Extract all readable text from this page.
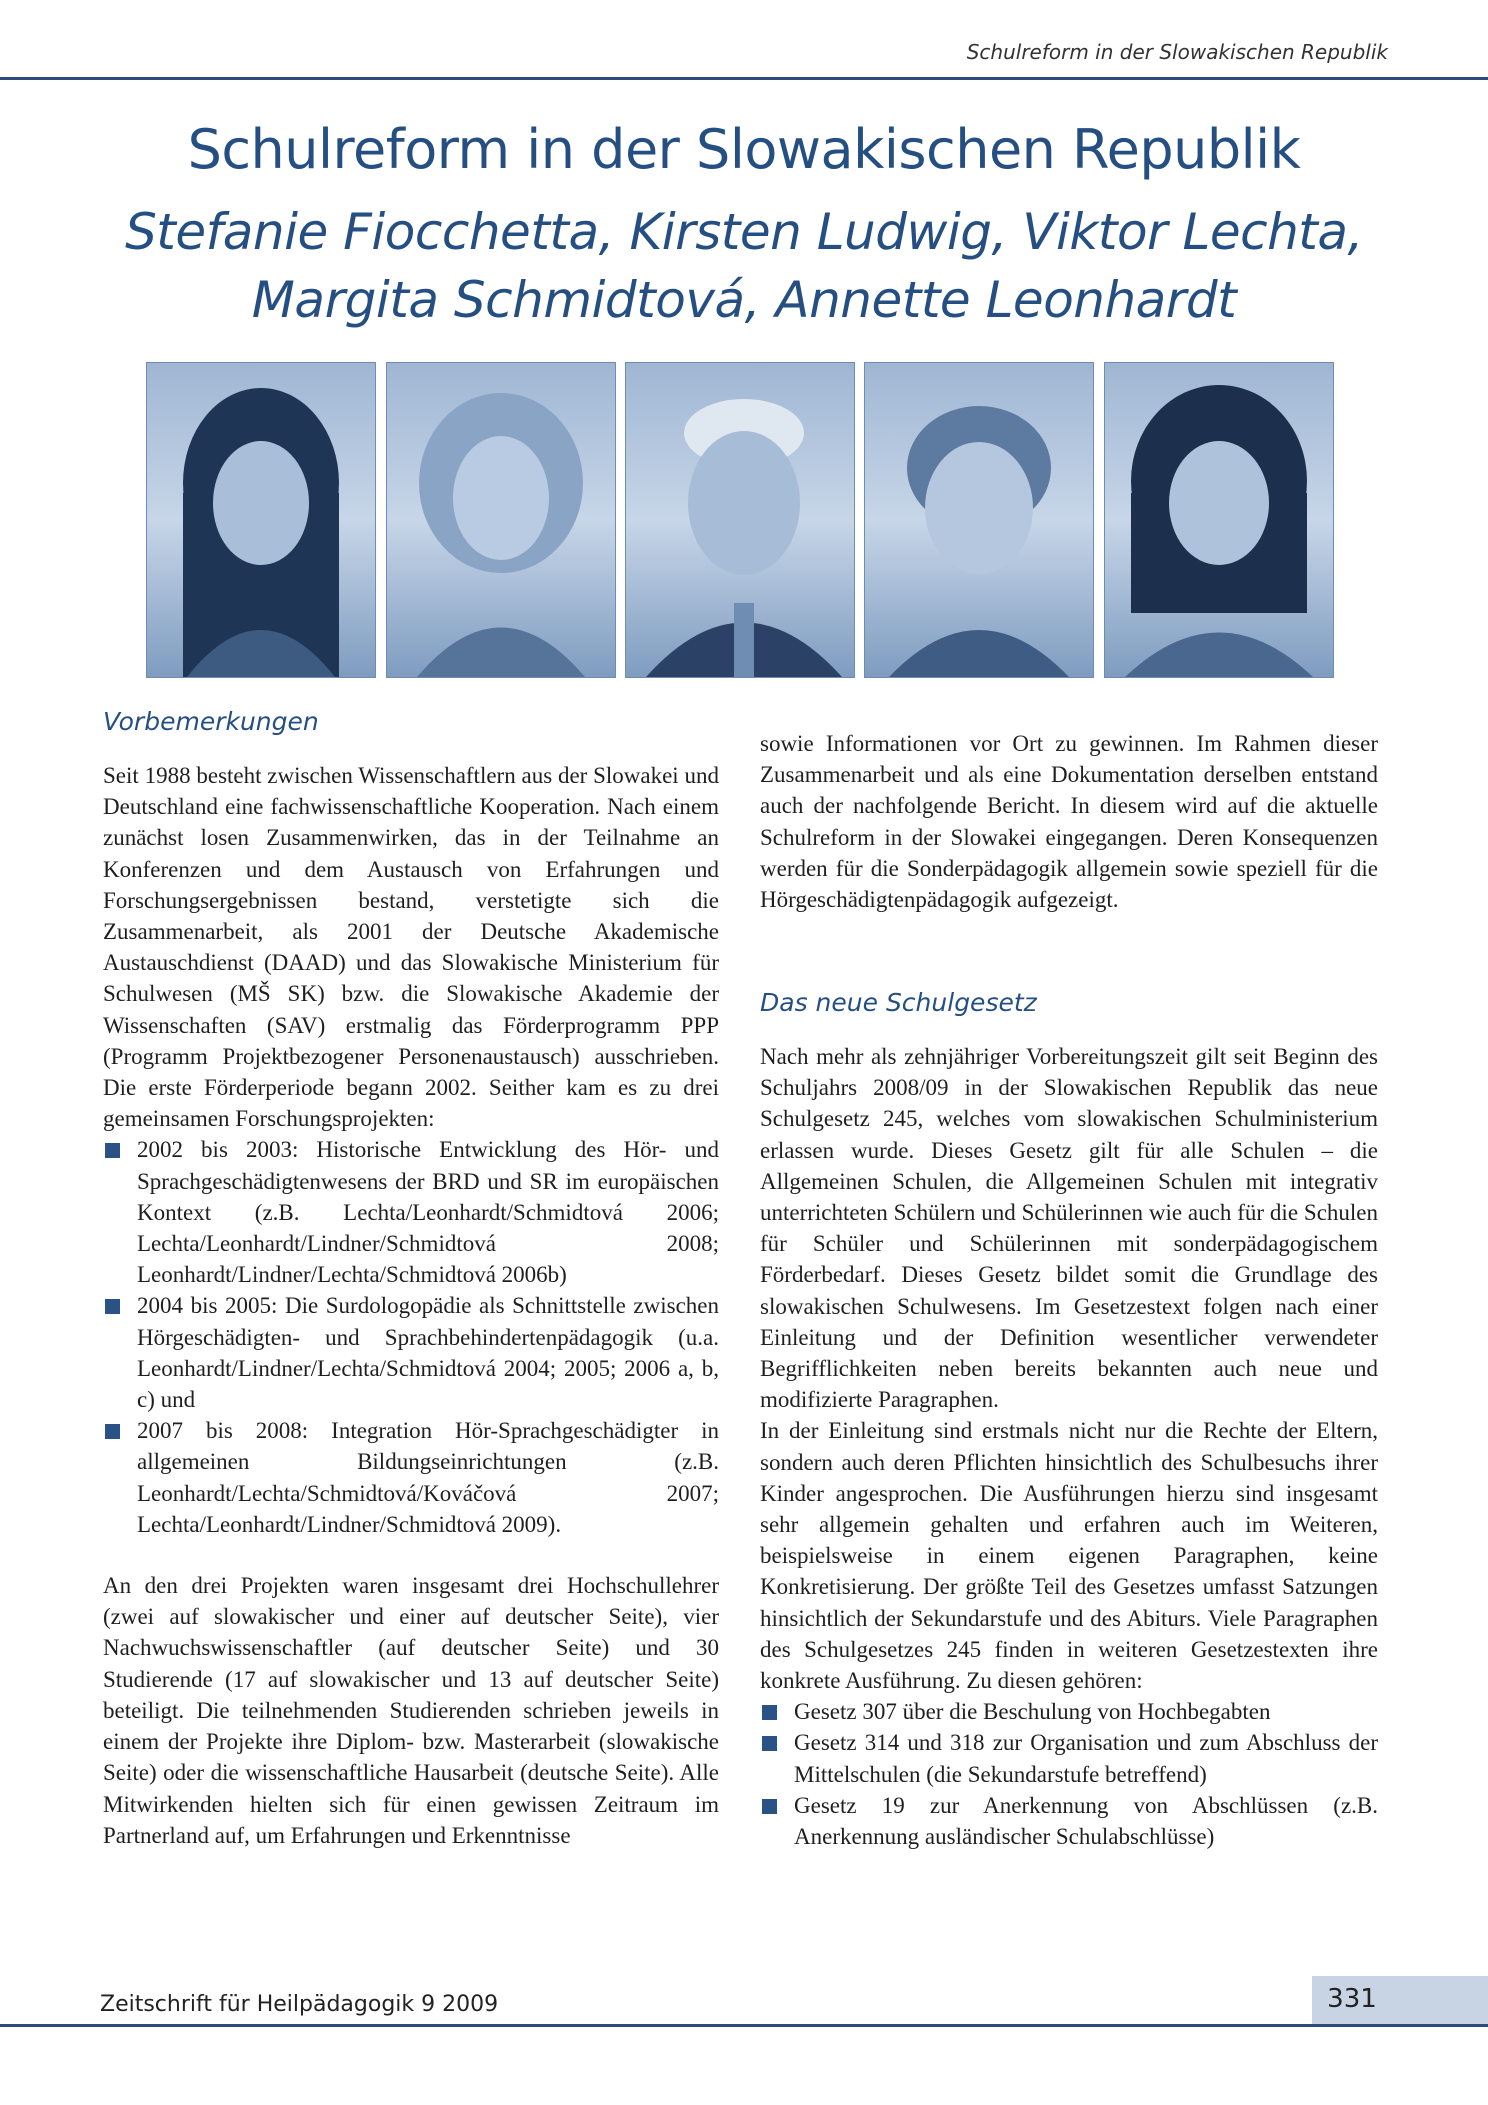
Schulreform in der Slowakischen Republik
Schulreform in der Slowakischen Republik
Stefanie Fiocchetta, Kirsten Ludwig, Viktor Lechta,
Margita Schmidtová, Annette Leonhardt
Vorbemerkungen

Seit 1988 besteht zwischen Wissenschaftlern aus der Slowakei und Deutschland eine fachwissenschaftliche Kooperation. Nach einem zunächst losen Zusammenwirken, das in der Teilnahme an Konferenzen und dem Austausch von Erfahrungen und Forschungsergebnissen bestand, verstetigte sich die Zusammenarbeit, als 2001 der Deutsche Akademische Austauschdienst (DAAD) und das Slowakische Ministerium für Schulwesen (MŠ SK) bzw. die Slowakische Akademie der Wissenschaften (SAV) erstmalig das Förderprogramm PPP (Programm Projektbezogener Personenaustausch) ausschrieben. Die erste Förderperiode begann 2002. Seither kam es zu drei gemeinsamen Forschungsprojekten:

2002 bis 2003: Historische Entwicklung des Hör- und Sprachgeschädigtenwesens der BRD und SR im europäischen Kontext (z.B. Lechta/Leonhardt/Schmidtová 2006; Lechta/Leonhardt/Lindner/Schmidtová 2008; Leonhardt/Lindner/Lechta/Schmidtová 2006b)
2004 bis 2005: Die Surdologopädie als Schnittstelle zwischen Hörgeschädigten- und Sprachbehindertenpädagogik (u.a. Leonhardt/Lindner/Lechta/Schmidtová 2004; 2005; 2006 a, b, c) und
2007 bis 2008: Integration Hör-Sprachgeschädigter in allgemeinen Bildungseinrichtungen (z.B. Leonhardt/Lechta/Schmidtová/Kováčová 2007; Lechta/Leonhardt/Lindner/Schmidtová 2009).

An den drei Projekten waren insgesamt drei Hochschullehrer (zwei auf slowakischer und einer auf deutscher Seite), vier Nachwuchswissenschaftler (auf deutscher Seite) und 30 Studierende (17 auf slowakischer und 13 auf deutscher Seite) beteiligt. Die teilnehmenden Studierenden schrieben jeweils in einem der Projekte ihre Diplom- bzw. Masterarbeit (slowakische Seite) oder die wissenschaftliche Hausarbeit (deutsche Seite). Alle Mitwirkenden hielten sich für einen gewissen Zeitraum im Partnerland auf, um Erfahrungen und Erkenntnisse

sowie Informationen vor Ort zu gewinnen. Im Rahmen dieser Zusammenarbeit und als eine Dokumentation derselben entstand auch der nachfolgende Bericht. In diesem wird auf die aktuelle Schulreform in der Slowakei eingegangen. Deren Konsequenzen werden für die Sonderpädagogik allgemein sowie speziell für die Hörgeschädigtenpädagogik aufgezeigt.

Das neue Schulgesetz

Nach mehr als zehnjähriger Vorbereitungszeit gilt seit Beginn des Schuljahrs 2008/09 in der Slowakischen Republik das neue Schulgesetz 245, welches vom slowakischen Schulministerium erlassen wurde. Dieses Gesetz gilt für alle Schulen – die Allgemeinen Schulen, die Allgemeinen Schulen mit integrativ unterrichteten Schülern und Schülerinnen wie auch für die Schulen für Schüler und Schülerinnen mit sonderpädagogischem Förderbedarf. Dieses Gesetz bildet somit die Grundlage des slowakischen Schulwesens. Im Gesetzestext folgen nach einer Einleitung und der Definition wesentlicher verwendeter Begrifflichkeiten neben bereits bekannten auch neue und modifizierte Paragraphen.

In der Einleitung sind erstmals nicht nur die Rechte der Eltern, sondern auch deren Pflichten hinsichtlich des Schulbesuchs ihrer Kinder angesprochen. Die Ausführungen hierzu sind insgesamt sehr allgemein gehalten und erfahren auch im Weiteren, beispielsweise in einem eigenen Paragraphen, keine Konkretisierung. Der größte Teil des Gesetzes umfasst Satzungen hinsichtlich der Sekundarstufe und des Abiturs. Viele Paragraphen des Schulgesetzes 245 finden in weiteren Gesetzestexten ihre konkrete Ausführung. Zu diesen gehören:

Gesetz 307 über die Beschulung von Hochbegabten
Gesetz 314 und 318 zur Organisation und zum Abschluss der Mittelschulen (die Sekundarstufe betreffend)
Gesetz 19 zur Anerkennung von Abschlüssen (z.B. Anerkennung ausländischer Schulabschlüsse)
Zeitschrift für Heilpädagogik 9 2009	331
